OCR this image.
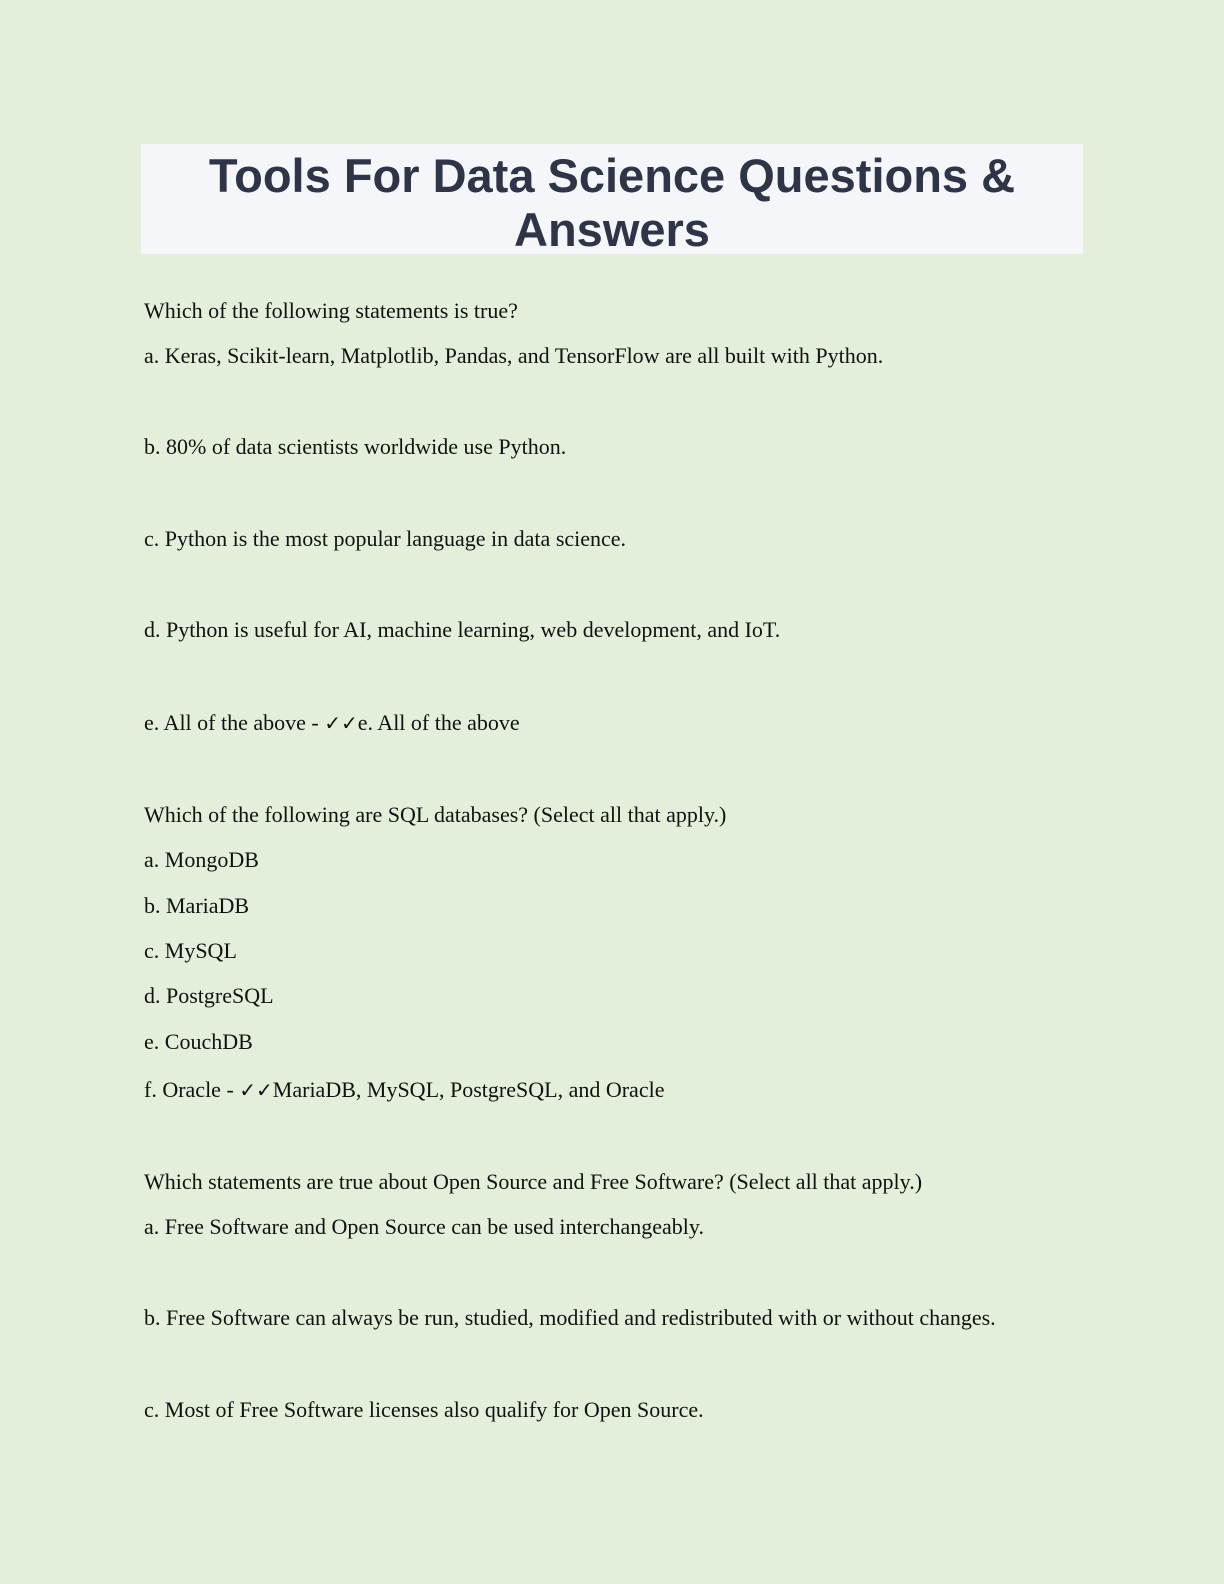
Tools For Data Science Questions & Answers

Which of the following statements is true?

a. Keras, Scikit-learn, Matplotlib, Pandas, and TensorFlow are all built with Python.

b. 80% of data scientists worldwide use Python.

c. Python is the most popular language in data science.

d. Python is useful for AI, machine learning, web development, and IoT.

e. All of the above - ✓✓e. All of the above

Which of the following are SQL databases? (Select all that apply.)

a. MongoDB

b. MariaDB

c. MySQL

d. PostgreSQL

e. CouchDB

f. Oracle - ✓✓MariaDB, MySQL, PostgreSQL, and Oracle

Which statements are true about Open Source and Free Software? (Select all that apply.)

a. Free Software and Open Source can be used interchangeably.

b. Free Software can always be run, studied, modified and redistributed with or without changes.

c. Most of Free Software licenses also qualify for Open Source.
